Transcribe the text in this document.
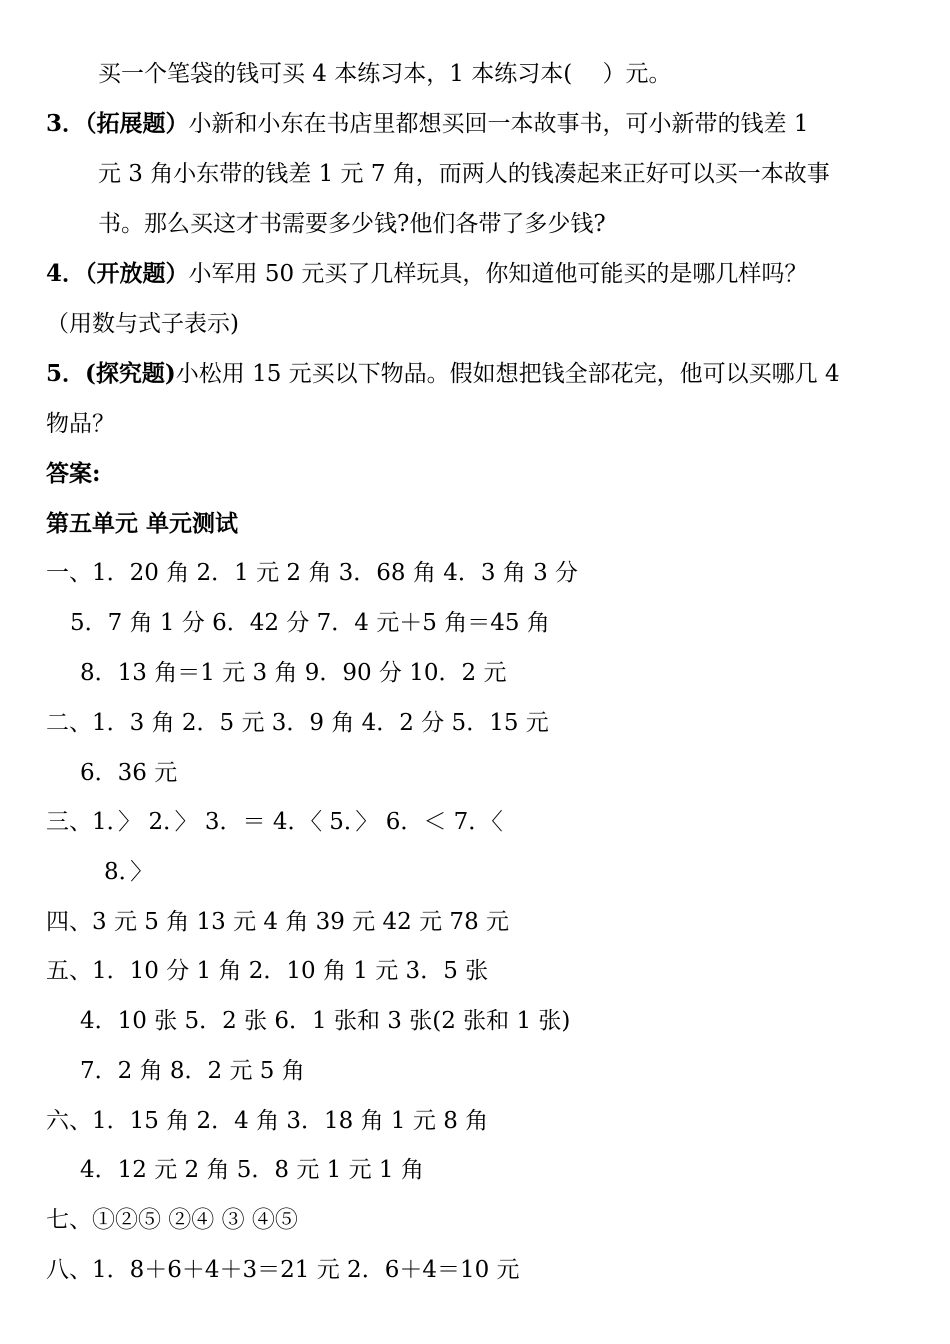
买一个笔袋的钱可买 4 本练习本，1 本练习本(　 ）元。
3．（拓展题）小新和小东在书店里都想买回一本故事书，可小新带的钱差 1
元 3 角小东带的钱差 1 元 7 角，而两人的钱凑起来正好可以买一本故事
书。那么买这才书需要多少钱?他们各带了多少钱?
4．（开放题）小军用 50 元买了几样玩具，你知道他可能买的是哪几样吗？
（用数与式子表示)
5．(探究题)小松用 15 元买以下物品。假如想把钱全部花完，他可以买哪几 4
物品？
答案:
第五单元 单元测试
一、1．20 角 2．1 元 2 角 3．68 角 4．3 角 3 分
5．7 角 1 分 6．42 分 7．4 元＋5 角＝45 角
8．13 角＝1 元 3 角 9．90 分 10．2 元
二、1．3 角 2．5 元 3．9 角 4．2 分 5．15 元
6．36 元
三、1．〉 2．〉 3．＝ 4．〈 5．〉 6．＜ 7．〈
8．〉
四、3 元 5 角 13 元 4 角 39 元 42 元 78 元
五、1．10 分 1 角 2．10 角 1 元 3．5 张
4．10 张 5．2 张 6．1 张和 3 张(2 张和 1 张)
7．2 角 8．2 元 5 角
六、1．15 角 2．4 角 3．18 角 1 元 8 角
4．12 元 2 角 5．8 元 1 元 1 角
七、①②⑤ ②④ ③ ④⑤
八、1．8＋6＋4＋3＝21 元 2．6＋4＝10 元
